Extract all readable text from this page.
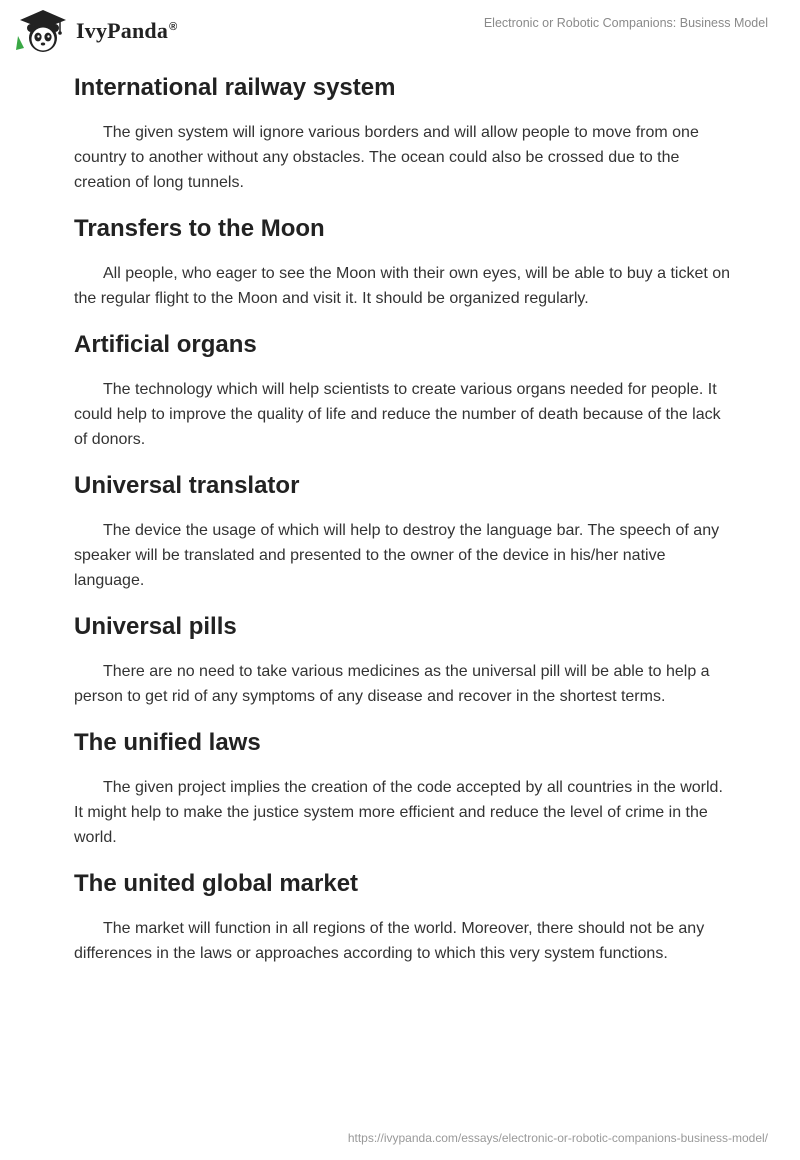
IvyPanda®	Electronic or Robotic Companions: Business Model
International railway system

The given system will ignore various borders and will allow people to move from one country to another without any obstacles. The ocean could also be crossed due to the creation of long tunnels.

Transfers to the Moon

All people, who eager to see the Moon with their own eyes, will be able to buy a ticket on the regular flight to the Moon and visit it. It should be organized regularly.

Artificial organs

The technology which will help scientists to create various organs needed for people. It could help to improve the quality of life and reduce the number of death because of the lack of donors.

Universal translator

The device the usage of which will help to destroy the language bar. The speech of any speaker will be translated and presented to the owner of the device in his/her native language.

Universal pills

There are no need to take various medicines as the universal pill will be able to help a person to get rid of any symptoms of any disease and recover in the shortest terms.

The unified laws

The given project implies the creation of the code accepted by all countries in the world. It might help to make the justice system more efficient and reduce the level of crime in the world.

The united global market

The market will function in all regions of the world. Moreover, there should not be any differences in the laws or approaches according to which this very system functions.

https://ivypanda.com/essays/electronic-or-robotic-companions-business-model/
